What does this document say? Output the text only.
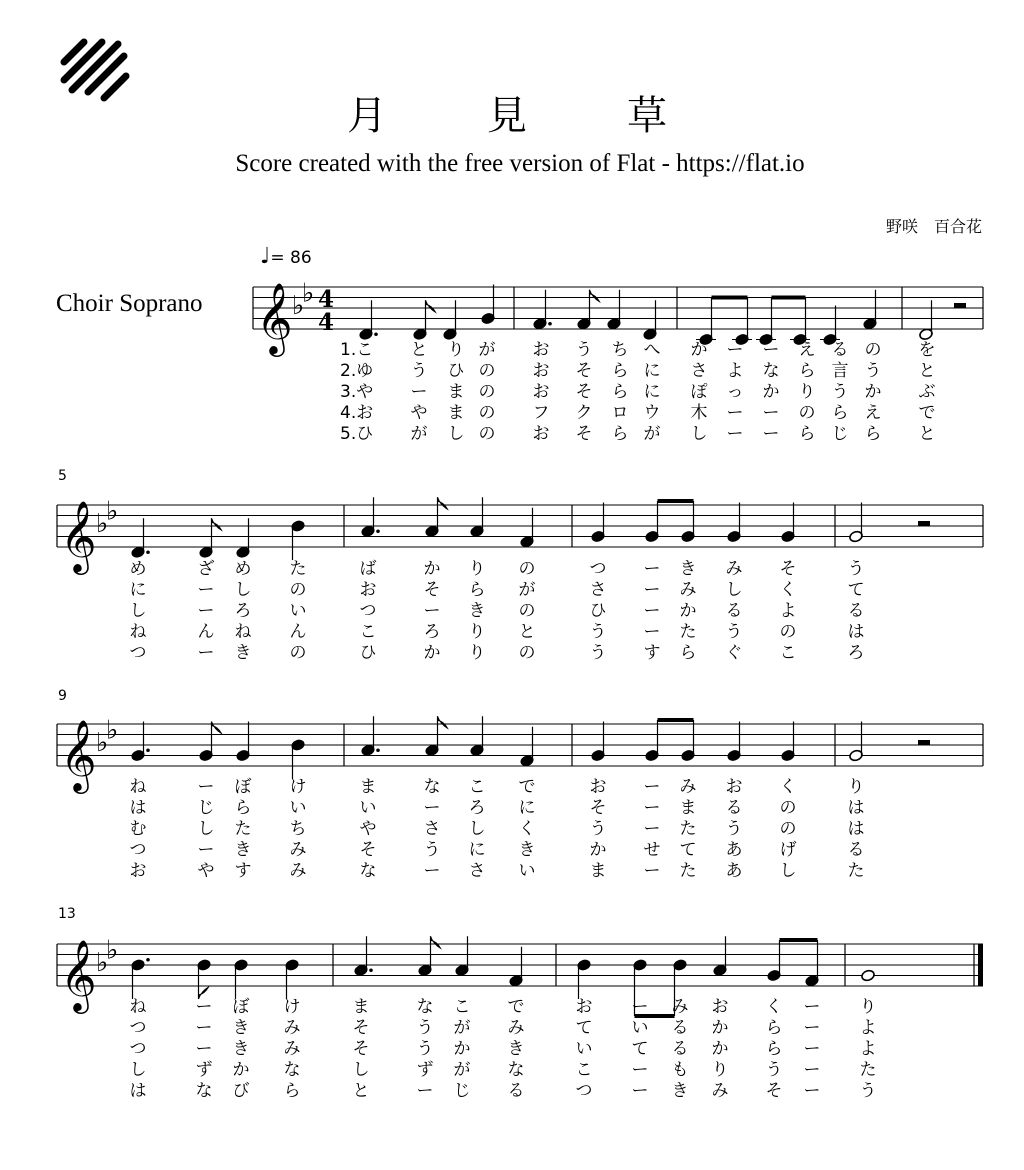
月　見　草
Score created with the free version of Flat - https://flat.io
野咲　百合花
Choir Soprano
♩= 86
5
9
13
𝄞 ♭
♭ 4
4
𝄞 ♭
♭
𝄞 ♭
♭
𝄞 ♭
♭
1.こ
2.ゆ
3.や
4.お
5.ひ
と
う
ー
や
が
り
ひ
ま
ま
し
が
の
の
の
の
お
お
お
フ
お
う
そ
そ
ク
そ
ち
ら
ら
ロ
ら
へ
に
に
ウ
が
か
さ
ぽ
木
し
ー
よ
っ
ー
ー
ー
な
か
ー
ー
え
ら
り
の
ら
る
言
う
ら
じ
の
う
か
え
ら
を
と
ぶ
で
と
め
に
し
ね
つ
ざ
ー
ー
ん
ー
め
し
ろ
ね
き
た
の
い
ん
の
ば
お
つ
こ
ひ
か
そ
ー
ろ
か
り
ら
き
り
り
の
が
の
と
の
つ
さ
ひ
う
う
ー
ー
ー
ー
す
き
み
か
た
ら
み
し
る
う
ぐ
そ
く
よ
の
こ
う
て
る
は
ろ
ね
は
む
つ
お
ー
じ
し
ー
や
ぼ
ら
た
き
す
け
い
ち
み
み
ま
い
や
そ
な
な
ー
さ
う
ー
こ
ろ
し
に
さ
で
に
く
き
い
お
そ
う
か
ま
ー
ー
ー
せ
ー
み
ま
た
て
た
お
る
う
あ
あ
く
の
の
げ
し
り
は
は
る
た
ね
つ
つ
し
は
ー
ー
ー
ず
な
ぼ
き
き
か
び
け
み
み
な
ら
ま
そ
そ
し
と
な
う
う
ず
ー
こ
が
か
が
じ
で
み
き
な
る
お
て
い
こ
つ
ー
い
て
ー
ー
み
る
る
も
き
お
か
か
り
み
く
ら
ら
う
そ
ー
ー
ー
ー
ー
り
よ
よ
た
う
